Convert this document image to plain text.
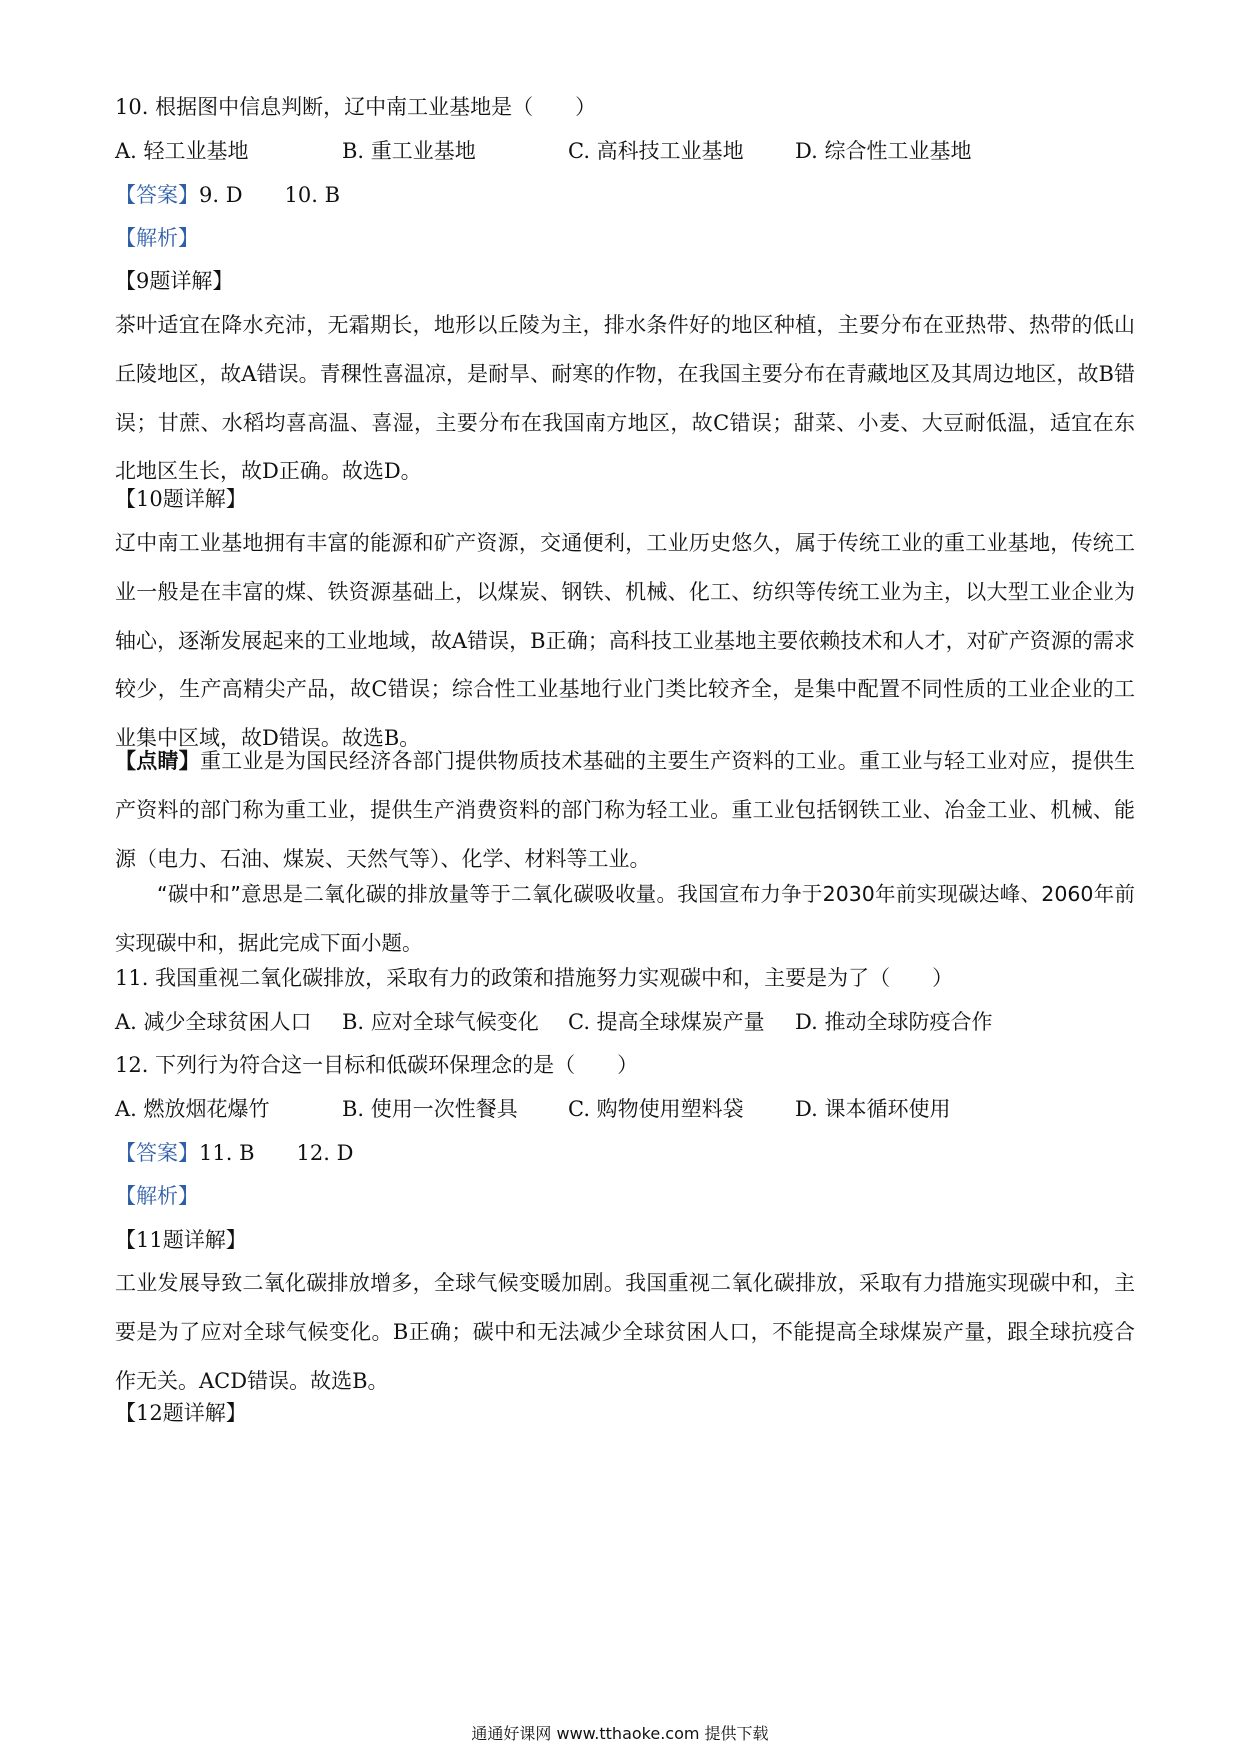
10. 根据图中信息判断，辽中南工业基地是（　　）
A. 轻工业基地	B. 重工业基地	C. 高科技工业基地	D. 综合性工业基地
【答案】9. D　　10. B
【解析】
【9题详解】
茶叶适宜在降水充沛，无霜期长，地形以丘陵为主，排水条件好的地区种植，主要分布在亚热带、热带的低山丘陵地区，故A错误。青稞性喜温凉，是耐旱、耐寒的作物，在我国主要分布在青藏地区及其周边地区，故B错误；甘蔗、水稻均喜高温、喜湿，主要分布在我国南方地区，故C错误；甜菜、小麦、大豆耐低温，适宜在东北地区生长，故D正确。故选D。
【10题详解】
辽中南工业基地拥有丰富的能源和矿产资源，交通便利，工业历史悠久，属于传统工业的重工业基地，传统工业一般是在丰富的煤、铁资源基础上，以煤炭、钢铁、机械、化工、纺织等传统工业为主，以大型工业企业为轴心，逐渐发展起来的工业地域，故A错误，B正确；高科技工业基地主要依赖技术和人才，对矿产资源的需求较少，生产高精尖产品，故C错误；综合性工业基地行业门类比较齐全，是集中配置不同性质的工业企业的工业集中区域，故D错误。故选B。
【点睛】重工业是为国民经济各部门提供物质技术基础的主要生产资料的工业。重工业与轻工业对应，提供生产资料的部门称为重工业，提供生产消费资料的部门称为轻工业。重工业包括钢铁工业、冶金工业、机械、能源（电力、石油、煤炭、天然气等）、化学、材料等工业。
“碳中和”意思是二氧化碳的排放量等于二氧化碳吸收量。我国宣布力争于2030年前实现碳达峰、2060年前实现碳中和，据此完成下面小题。
11. 我国重视二氧化碳排放，采取有力的政策和措施努力实观碳中和，主要是为了（　　）
A. 减少全球贫困人口	B. 应对全球气候变化	C. 提高全球煤炭产量	D. 推动全球防疫合作
12. 下列行为符合这一目标和低碳环保理念的是（　　）
A. 燃放烟花爆竹	B. 使用一次性餐具	C. 购物使用塑料袋	D. 课本循环使用
【答案】11. B　　12. D
【解析】
【11题详解】
工业发展导致二氧化碳排放增多，全球气候变暖加剧。我国重视二氧化碳排放，采取有力措施实现碳中和，主要是为了应对全球气候变化。B正确；碳中和无法减少全球贫困人口，不能提高全球煤炭产量，跟全球抗疫合作无关。ACD错误。故选B。
【12题详解】
通通好课网 www.tthaoke.com 提供下载
